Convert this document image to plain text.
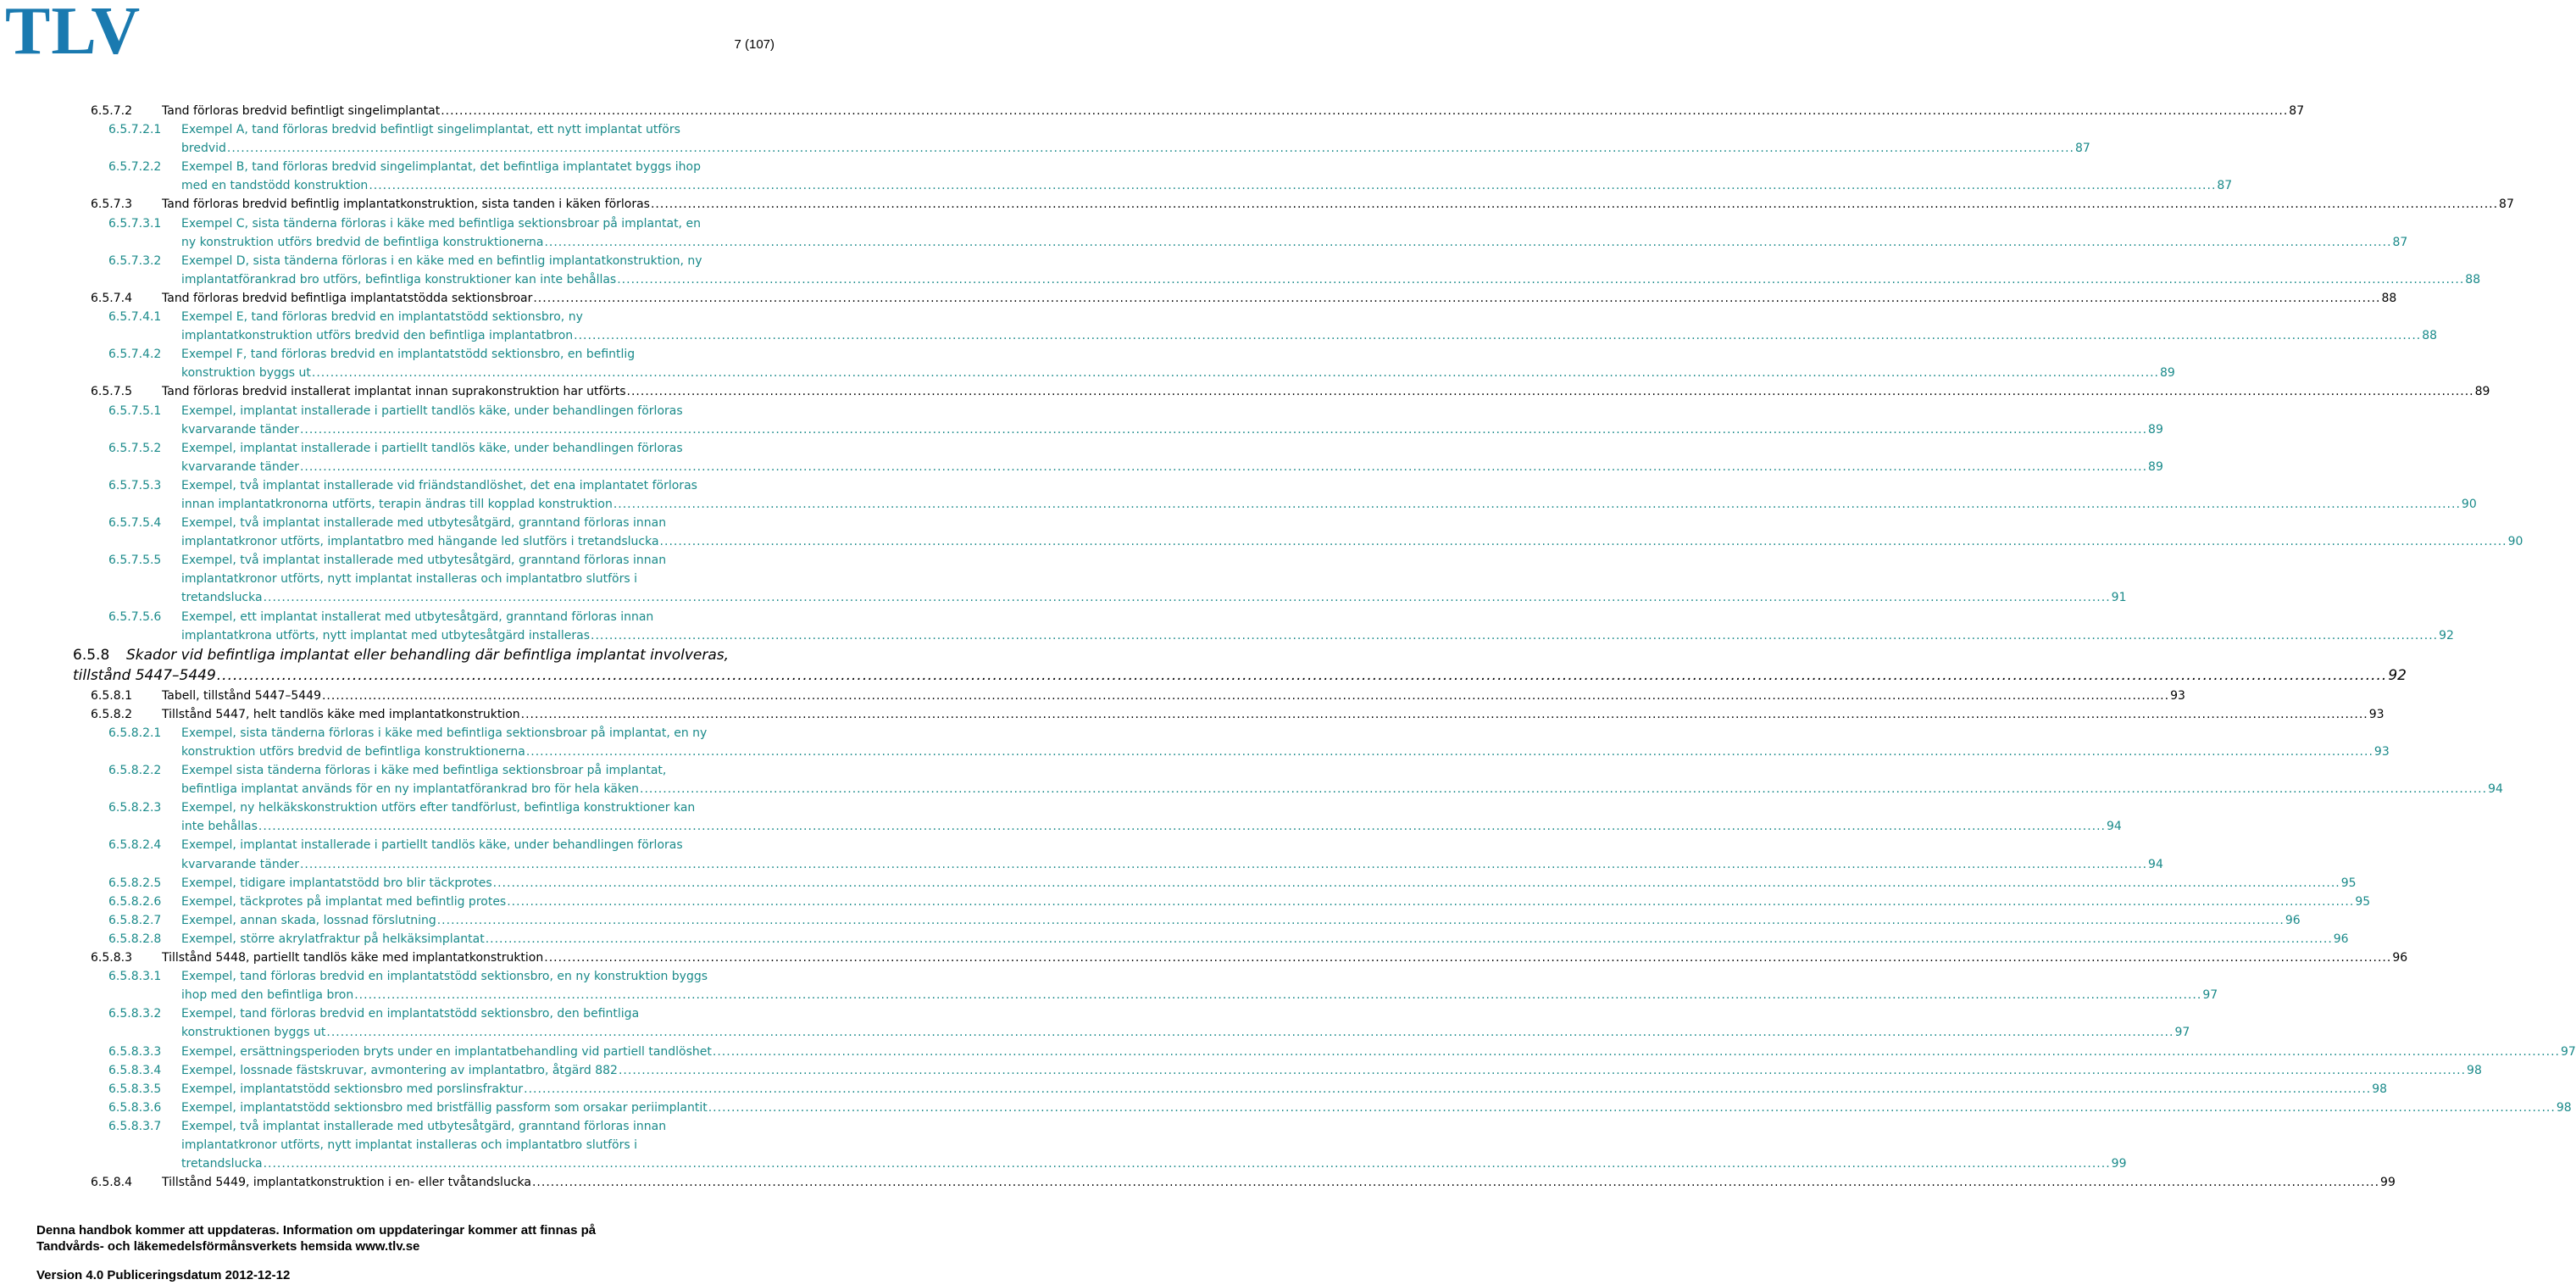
TLV	7 (107)
6.5.7.2	Tand förloras bredvid befintligt singelimplantat ................................................................................................................................................................................................................................................................................................................................................................................................................ 87
6.5.7.2.1 Exempel A, tand förloras bredvid befintligt singelimplantat, ett nytt implantat utförs
bredvid ................................................................................................................................................................................................................................................................................................................................................................................................................ 87
6.5.7.2.2 Exempel B, tand förloras bredvid singelimplantat, det befintliga implantatet byggs ihop
med en tandstödd konstruktion ................................................................................................................................................................................................................................................................................................................................................................................................................ 87
6.5.7.3	Tand förloras bredvid befintlig implantatkonstruktion, sista tanden i käken förloras ................................................................................................................................................................................................................................................................................................................................................................................................................ 87
6.5.7.3.1 Exempel C, sista tänderna förloras i käke med befintliga sektionsbroar på implantat, en
ny konstruktion utförs bredvid de befintliga konstruktionerna ................................................................................................................................................................................................................................................................................................................................................................................................................ 87
6.5.7.3.2 Exempel D, sista tänderna förloras i en käke med en befintlig implantatkonstruktion, ny
implantatförankrad bro utförs, befintliga konstruktioner kan inte behållas ................................................................................................................................................................................................................................................................................................................................................................................................................ 88
6.5.7.4	Tand förloras bredvid befintliga implantatstödda sektionsbroar ................................................................................................................................................................................................................................................................................................................................................................................................................ 88
6.5.7.4.1 Exempel E, tand förloras bredvid en implantatstödd sektionsbro, ny
implantatkonstruktion utförs bredvid den befintliga implantatbron ................................................................................................................................................................................................................................................................................................................................................................................................................ 88
6.5.7.4.2 Exempel F, tand förloras bredvid en implantatstödd sektionsbro, en befintlig
konstruktion byggs ut ................................................................................................................................................................................................................................................................................................................................................................................................................ 89
6.5.7.5	Tand förloras bredvid installerat implantat innan suprakonstruktion har utförts ................................................................................................................................................................................................................................................................................................................................................................................................................ 89
6.5.7.5.1 Exempel, implantat installerade i partiellt tandlös käke, under behandlingen förloras
kvarvarande tänder ................................................................................................................................................................................................................................................................................................................................................................................................................ 89
6.5.7.5.2 Exempel, implantat installerade i partiellt tandlös käke, under behandlingen förloras
kvarvarande tänder ................................................................................................................................................................................................................................................................................................................................................................................................................ 89
6.5.7.5.3 Exempel, två implantat installerade vid friändstandlöshet, det ena implantatet förloras
innan implantatkronorna utförts, terapin ändras till kopplad konstruktion ................................................................................................................................................................................................................................................................................................................................................................................................................ 90
6.5.7.5.4 Exempel, två implantat installerade med utbytesåtgärd, granntand förloras innan
implantatkronor utförts, implantatbro med hängande led slutförs i tretandslucka ................................................................................................................................................................................................................................................................................................................................................................................................................ 90
6.5.7.5.5 Exempel, två implantat installerade med utbytesåtgärd, granntand förloras innan
implantatkronor utförts, nytt implantat installeras och implantatbro slutförs i
tretandslucka ................................................................................................................................................................................................................................................................................................................................................................................................................ 91
6.5.7.5.6 Exempel, ett implantat installerat med utbytesåtgärd, granntand förloras innan
implantatkrona utförts, nytt implantat med utbytesåtgärd installeras ................................................................................................................................................................................................................................................................................................................................................................................................................ 92
6.5.8	Skador vid befintliga implantat eller behandling där befintliga implantat involveras,
tillstånd 5447–5449 ................................................................................................................................................................................................................................................................................................................................................................................................................ 92
6.5.8.1	Tabell, tillstånd 5447–5449 ................................................................................................................................................................................................................................................................................................................................................................................................................ 93
6.5.8.2	Tillstånd 5447, helt tandlös käke med implantatkonstruktion ................................................................................................................................................................................................................................................................................................................................................................................................................ 93
6.5.8.2.1 Exempel, sista tänderna förloras i käke med befintliga sektionsbroar på implantat, en ny
konstruktion utförs bredvid de befintliga konstruktionerna ................................................................................................................................................................................................................................................................................................................................................................................................................ 93
6.5.8.2.2 Exempel sista tänderna förloras i käke med befintliga sektionsbroar på implantat,
befintliga implantat används för en ny implantatförankrad bro för hela käken ................................................................................................................................................................................................................................................................................................................................................................................................................ 94
6.5.8.2.3 Exempel, ny helkäkskonstruktion utförs efter tandförlust, befintliga konstruktioner kan
inte behållas ................................................................................................................................................................................................................................................................................................................................................................................................................ 94
6.5.8.2.4 Exempel, implantat installerade i partiellt tandlös käke, under behandlingen förloras
kvarvarande tänder ................................................................................................................................................................................................................................................................................................................................................................................................................ 94
6.5.8.2.5 Exempel, tidigare implantatstödd bro blir täckprotes ................................................................................................................................................................................................................................................................................................................................................................................................................ 95
6.5.8.2.6 Exempel, täckprotes på implantat med befintlig protes ................................................................................................................................................................................................................................................................................................................................................................................................................ 95
6.5.8.2.7 Exempel, annan skada, lossnad förslutning ................................................................................................................................................................................................................................................................................................................................................................................................................ 96
6.5.8.2.8 Exempel, större akrylatfraktur på helkäksimplantat ................................................................................................................................................................................................................................................................................................................................................................................................................ 96
6.5.8.3	Tillstånd 5448, partiellt tandlös käke med implantatkonstruktion ................................................................................................................................................................................................................................................................................................................................................................................................................ 96
6.5.8.3.1 Exempel, tand förloras bredvid en implantatstödd sektionsbro, en ny konstruktion byggs
ihop med den befintliga bron ................................................................................................................................................................................................................................................................................................................................................................................................................ 97
6.5.8.3.2 Exempel, tand förloras bredvid en implantatstödd sektionsbro, den befintliga
konstruktionen byggs ut ................................................................................................................................................................................................................................................................................................................................................................................................................ 97
6.5.8.3.3 Exempel, ersättningsperioden bryts under en implantatbehandling vid partiell tandlöshet ................................................................................................................................................................................................................................................................................................................................................................................................................ 97
6.5.8.3.4 Exempel, lossnade fästskruvar, avmontering av implantatbro, åtgärd 882 ................................................................................................................................................................................................................................................................................................................................................................................................................ 98
6.5.8.3.5 Exempel, implantatstödd sektionsbro med porslinsfraktur ................................................................................................................................................................................................................................................................................................................................................................................................................ 98
6.5.8.3.6 Exempel, implantatstödd sektionsbro med bristfällig passform som orsakar periimplantit ................................................................................................................................................................................................................................................................................................................................................................................................................ 98
6.5.8.3.7 Exempel, två implantat installerade med utbytesåtgärd, granntand förloras innan
implantatkronor utförts, nytt implantat installeras och implantatbro slutförs i
tretandslucka ................................................................................................................................................................................................................................................................................................................................................................................................................ 99
6.5.8.4	Tillstånd 5449, implantatkonstruktion i en- eller tvåtandslucka ................................................................................................................................................................................................................................................................................................................................................................................................................ 99
Denna handbok kommer att uppdateras. Information om uppdateringar kommer att finnas på
Tandvårds- och läkemedelsförmånsverkets hemsida www.tlv.se
Version 4.0 Publiceringsdatum 2012-12-12
